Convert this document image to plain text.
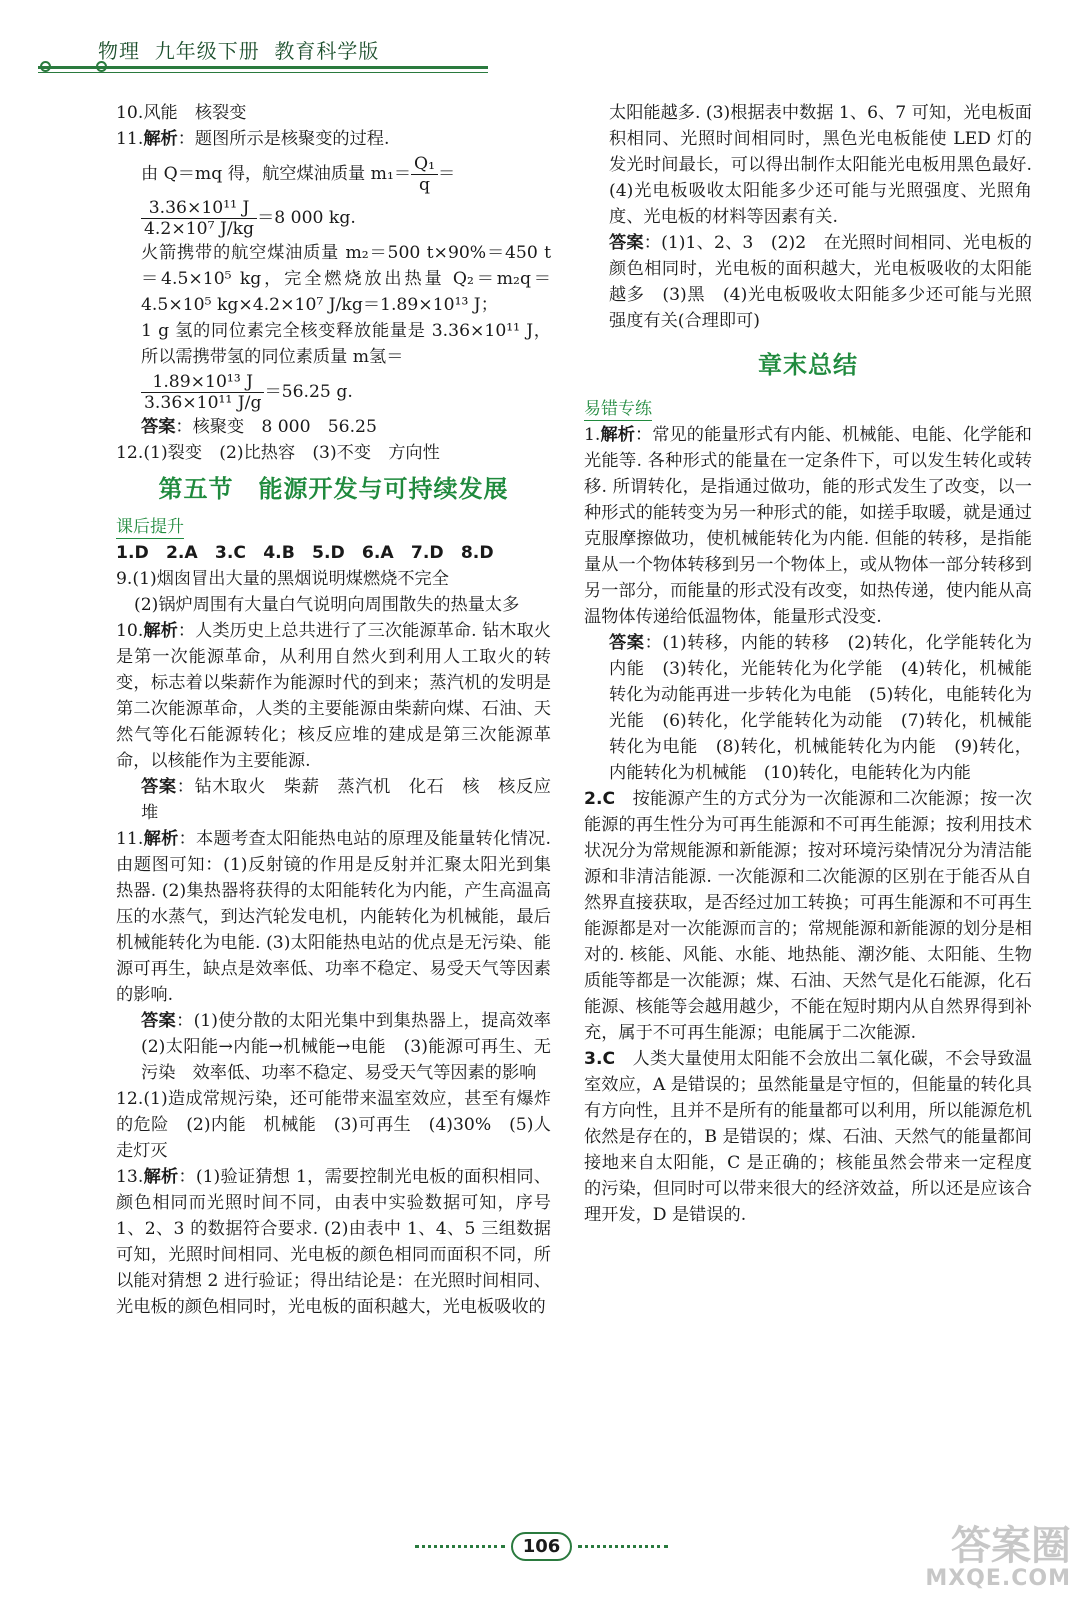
物理  九年级下册  教育科学版

10.风能　核裂变

11.解析：题图所示是核聚变的过程.

由 Q＝mq 得，航空煤油质量 $m_1= \frac{\text{Q₁}}{q}$ ＝

$\frac{\text{3.36×10¹¹ J}}{\text{4.2×10⁷ J/kg}} =8$ 000 kg.

火箭携带的航空煤油质量 m₂＝500 t×90%＝450 t＝4.5×10⁵ kg，完全燃烧放出热量 Q₂＝m₂q＝4.5×10⁵ kg×4.2×10⁷ J/kg＝1.89×10¹³ J；

1 g 氢的同位素完全核变释放能量是 3.36×10¹¹ J，所以需携带氢的同位素质量 m氢＝

$\frac{\text{1.89×10¹³ J}}{\text{3.36×10¹¹ J/g}} =56.25$ g.

答案：核聚变　8 000　56.25

12.(1)裂变　(2)比热容　(3)不变　方向性

第五节　能源开发与可持续发展
课后提升

1.D　2.A　3.C　4.B　5.D　6.A　7.D　8.D

9.(1)烟囱冒出大量的黑烟说明煤燃烧不完全

(2)锅炉周围有大量白气说明向周围散失的热量太多

10.解析：人类历史上总共进行了三次能源革命. 钻木取火是第一次能源革命，从利用自然火到利用人工取火的转变，标志着以柴薪作为能源时代的到来；蒸汽机的发明是第二次能源革命，人类的主要能源由柴薪向煤、石油、天然气等化石能源转化；核反应堆的建成是第三次能源革命，以核能作为主要能源.

答案：钻木取火　柴薪　蒸汽机　化石　核　核反应堆

11.解析：本题考查太阳能热电站的原理及能量转化情况. 由题图可知：(1)反射镜的作用是反射并汇聚太阳光到集热器. (2)集热器将获得的太阳能转化为内能，产生高温高压的水蒸气，到达汽轮发电机，内能转化为机械能，最后机械能转化为电能. (3)太阳能热电站的优点是无污染、能源可再生，缺点是效率低、功率不稳定、易受天气等因素的影响.

答案：(1)使分散的太阳光集中到集热器上，提高效率　(2)太阳能→内能→机械能→电能　(3)能源可再生、无污染　效率低、功率不稳定、易受天气等因素的影响

12.(1)造成常规污染，还可能带来温室效应，甚至有爆炸的危险　(2)内能　机械能　(3)可再生　(4)30%　(5)人走灯灭

13.解析：(1)验证猜想 1，需要控制光电板的面积相同、颜色相同而光照时间不同，由表中实验数据可知，序号 1、2、3 的数据符合要求. (2)由表中 1、4、5 三组数据可知，光照时间相同、光电板的颜色相同而面积不同，所以能对猜想 2 进行验证；得出结论是：在光照时间相同、光电板的颜色相同时，光电板的面积越大，光电板吸收的

太阳能越多. (3)根据表中数据 1、6、7 可知，光电板面积相同、光照时间相同时，黑色光电板能使 LED 灯的发光时间最长，可以得出制作太阳能光电板用黑色最好. (4)光电板吸收太阳能多少还可能与光照强度、光照角度、光电板的材料等因素有关.

答案：(1)1、2、3　(2)2　在光照时间相同、光电板的颜色相同时，光电板的面积越大，光电板吸收的太阳能越多　(3)黑　(4)光电板吸收太阳能多少还可能与光照强度有关(合理即可)

章末总结
易错专练

1.解析：常见的能量形式有内能、机械能、电能、化学能和光能等. 各种形式的能量在一定条件下，可以发生转化或转移. 所谓转化，是指通过做功，能的形式发生了改变，以一种形式的能转变为另一种形式的能，如搓手取暖，就是通过克服摩擦做功，使机械能转化为内能. 但能的转移，是指能量从一个物体转移到另一个物体上，或从物体一部分转移到另一部分，而能量的形式没有改变，如热传递，使内能从高温物体传递给低温物体，能量形式没变.

答案：(1)转移，内能的转移　(2)转化，化学能转化为内能　(3)转化，光能转化为化学能　(4)转化，机械能转化为动能再进一步转化为电能　(5)转化，电能转化为光能　(6)转化，化学能转化为动能　(7)转化，机械能转化为电能　(8)转化，机械能转化为内能　(9)转化，内能转化为机械能　(10)转化，电能转化为内能

2.C　按能源产生的方式分为一次能源和二次能源；按一次能源的再生性分为可再生能源和不可再生能源；按利用技术状况分为常规能源和新能源；按对环境污染情况分为清洁能源和非清洁能源. 一次能源和二次能源的区别在于能否从自然界直接获取，是否经过加工转换；可再生能源和不可再生能源都是对一次能源而言的；常规能源和新能源的划分是相对的. 核能、风能、水能、地热能、潮汐能、太阳能、生物质能等都是一次能源；煤、石油、天然气是化石能源，化石能源、核能等会越用越少，不能在短时期内从自然界得到补充，属于不可再生能源；电能属于二次能源.

3.C　人类大量使用太阳能不会放出二氧化碳，不会导致温室效应，A 是错误的；虽然能量是守恒的，但能量的转化具有方向性，且并不是所有的能量都可以利用，所以能源危机依然是存在的，B 是错误的；煤、石油、天然气的能量都间接地来自太阳能，C 是正确的；核能虽然会带来一定程度的污染，但同时可以带来很大的经济效益，所以还是应该合理开发，D 是错误的.

106	答案圈
MXQE.COM
